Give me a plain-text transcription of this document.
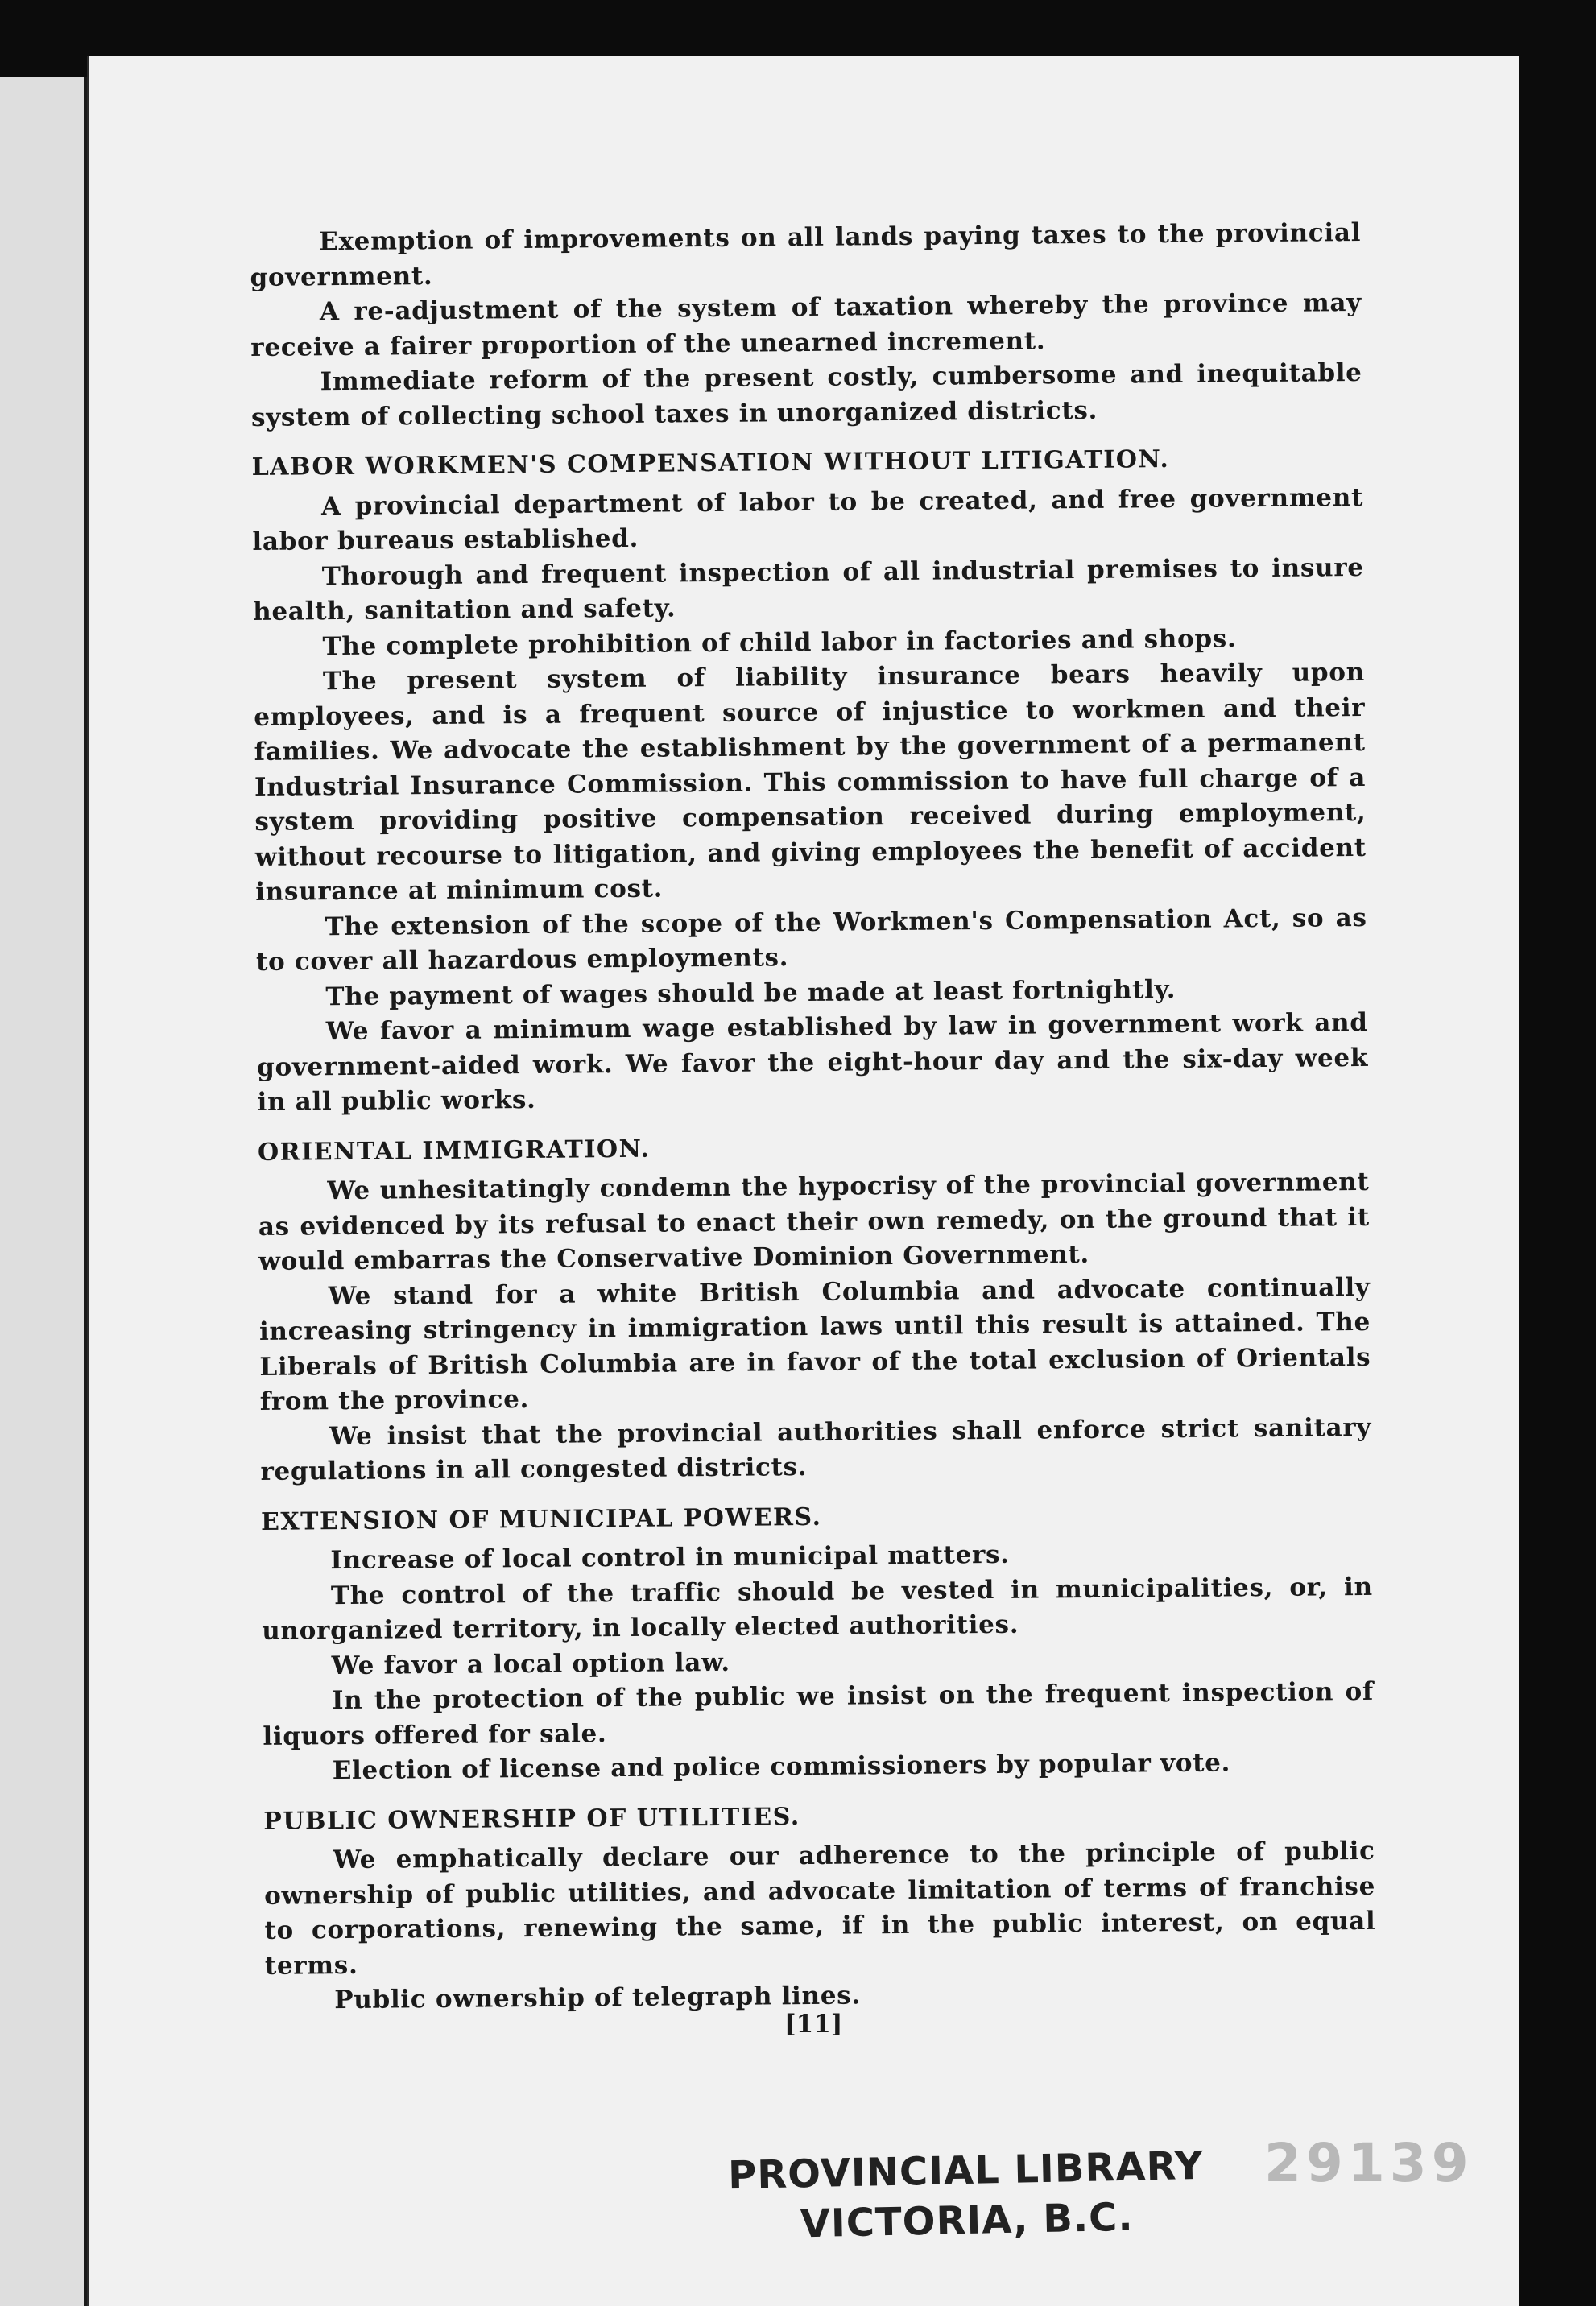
Exemption of improvements on all lands paying taxes to the provincial government.

A re-adjustment of the system of taxation whereby the province may receive a fairer proportion of the unearned increment.

Immediate reform of the present costly, cumbersome and inequitable system of collecting school taxes in unorganized districts.

LABOR WORKMEN'S COMPENSATION WITHOUT LITIGATION.

A provincial department of labor to be created, and free government labor bureaus established.

Thorough and frequent inspection of all industrial premises to insure health, sanitation and safety.

The complete prohibition of child labor in factories and shops.

The present system of liability insurance bears heavily upon employees, and is a frequent source of injustice to workmen and their families. We advocate the establishment by the government of a permanent Industrial Insurance Commission. This commission to have full charge of a system providing positive compensation received during employment, without recourse to litigation, and giving employees the benefit of accident insurance at minimum cost.

The extension of the scope of the Workmen's Compensation Act, so as to cover all hazardous employments.

The payment of wages should be made at least fortnightly.

We favor a minimum wage established by law in government work and government-aided work. We favor the eight-hour day and the six-day week in all public works.

ORIENTAL IMMIGRATION.

We unhesitatingly condemn the hypocrisy of the provincial government as evidenced by its refusal to enact their own remedy, on the ground that it would embarras the Conservative Dominion Government.

We stand for a white British Columbia and advocate continually increasing stringency in immigration laws until this result is attained. The Liberals of British Columbia are in favor of the total exclusion of Orientals from the province.

We insist that the provincial authorities shall enforce strict sanitary regulations in all congested districts.

EXTENSION OF MUNICIPAL POWERS.

Increase of local control in municipal matters.

The control of the traffic should be vested in municipalities, or, in unorganized territory, in locally elected authorities.

We favor a local option law.

In the protection of the public we insist on the frequent inspection of liquors offered for sale.

Election of license and police commissioners by popular vote.

PUBLIC OWNERSHIP OF UTILITIES.

We emphatically declare our adherence to the principle of public ownership of public utilities, and advocate limitation of terms of franchise to corporations, renewing the same, if in the public interest, on equal terms.

Public ownership of telegraph lines.

[11]
PROVINCIAL LIBRARY
VICTORIA, B.C.
29139
